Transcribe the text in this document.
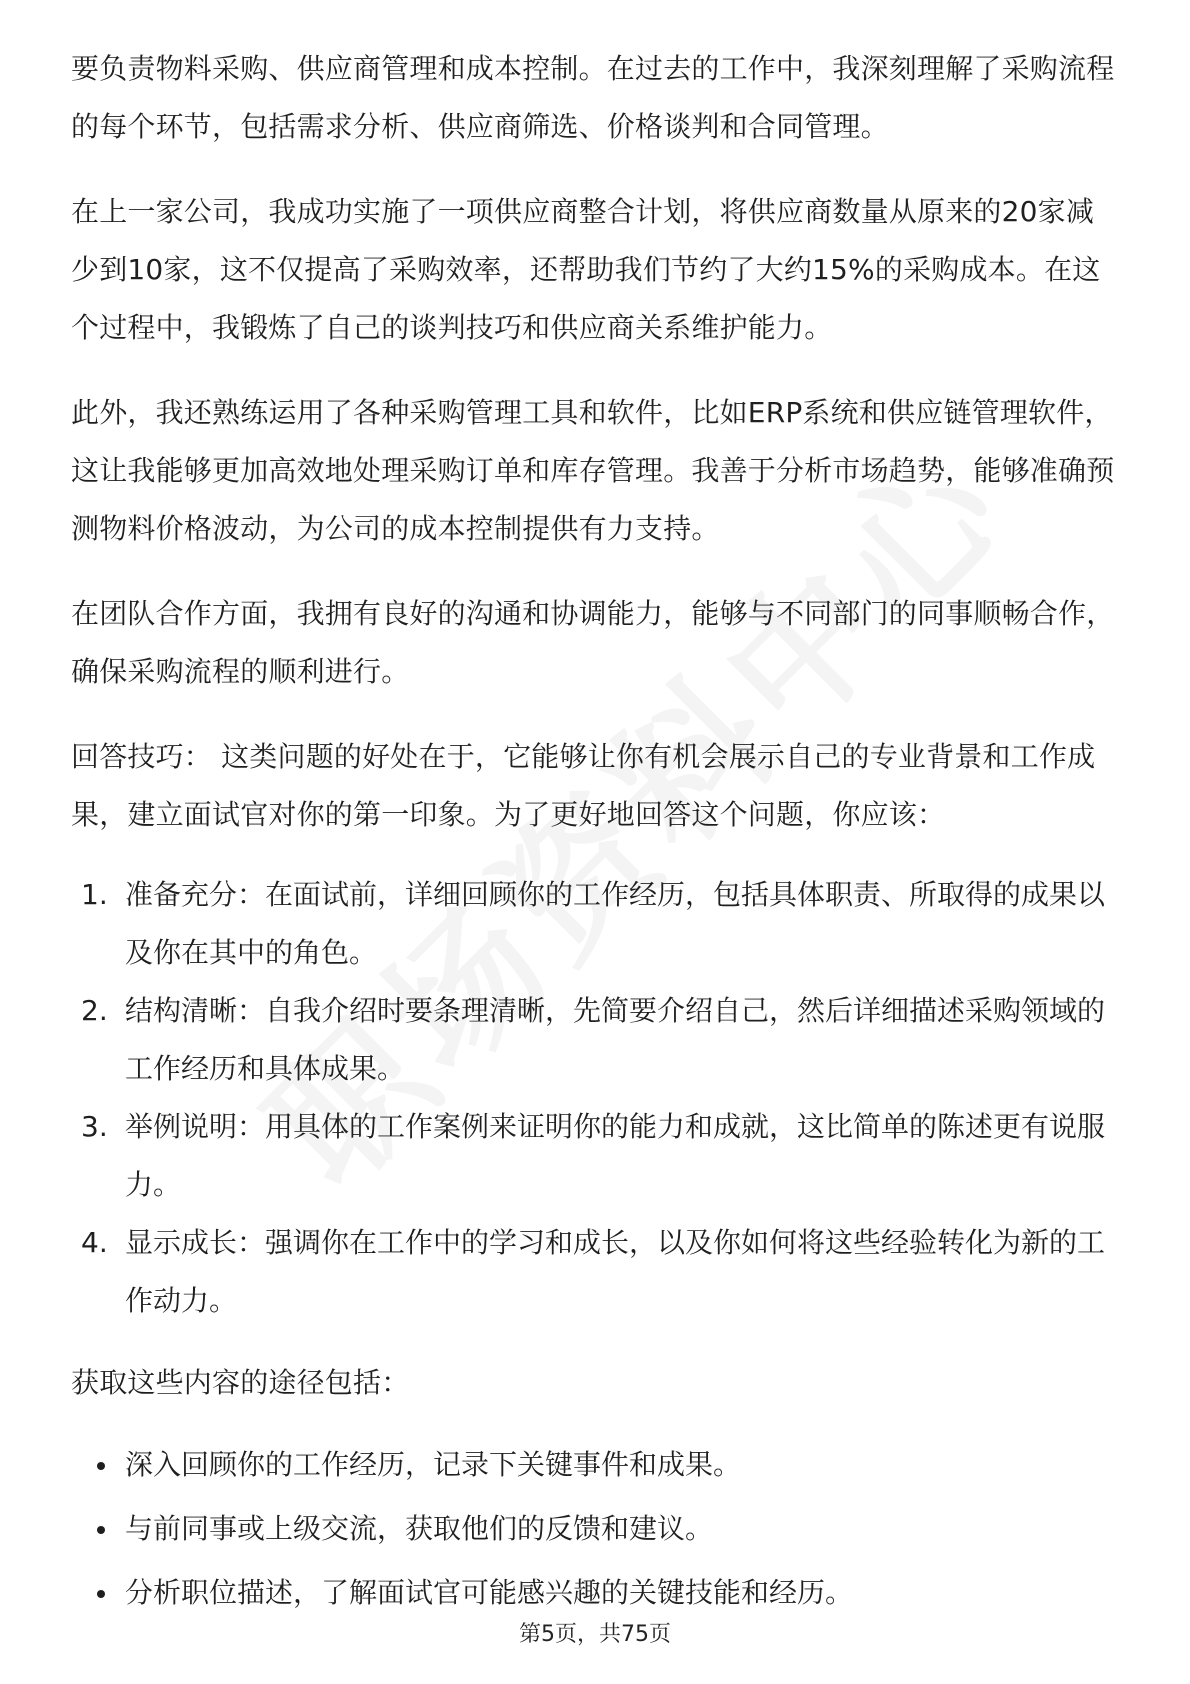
要负责物料采购、供应商管理和成本控制。在过去的工作中，我深刻理解了采购流程的每个环节，包括需求分析、供应商筛选、价格谈判和合同管理。

在上一家公司，我成功实施了一项供应商整合计划，将供应商数量从原来的20家减少到10家，这不仅提高了采购效率，还帮助我们节约了大约15%的采购成本。在这个过程中，我锻炼了自己的谈判技巧和供应商关系维护能力。

此外，我还熟练运用了各种采购管理工具和软件，比如ERP系统和供应链管理软件，这让我能够更加高效地处理采购订单和库存管理。我善于分析市场趋势，能够准确预测物料价格波动，为公司的成本控制提供有力支持。

在团队合作方面，我拥有良好的沟通和协调能力，能够与不同部门的同事顺畅合作，确保采购流程的顺利进行。

回答技巧： 这类问题的好处在于，它能够让你有机会展示自己的专业背景和工作成果，建立面试官对你的第一印象。为了更好地回答这个问题，你应该：

1. 准备充分：在面试前，详细回顾你的工作经历，包括具体职责、所取得的成果以及你在其中的角色。
2. 结构清晰：自我介绍时要条理清晰，先简要介绍自己，然后详细描述采购领域的工作经历和具体成果。
3. 举例说明：用具体的工作案例来证明你的能力和成就，这比简单的陈述更有说服力。
4. 显示成长：强调你在工作中的学习和成长，以及你如何将这些经验转化为新的工作动力。

获取这些内容的途径包括：

深入回顾你的工作经历，记录下关键事件和成果。
与前同事或上级交流，获取他们的反馈和建议。
分析职位描述，了解面试官可能感兴趣的关键技能和经历。
第5页，共75页
